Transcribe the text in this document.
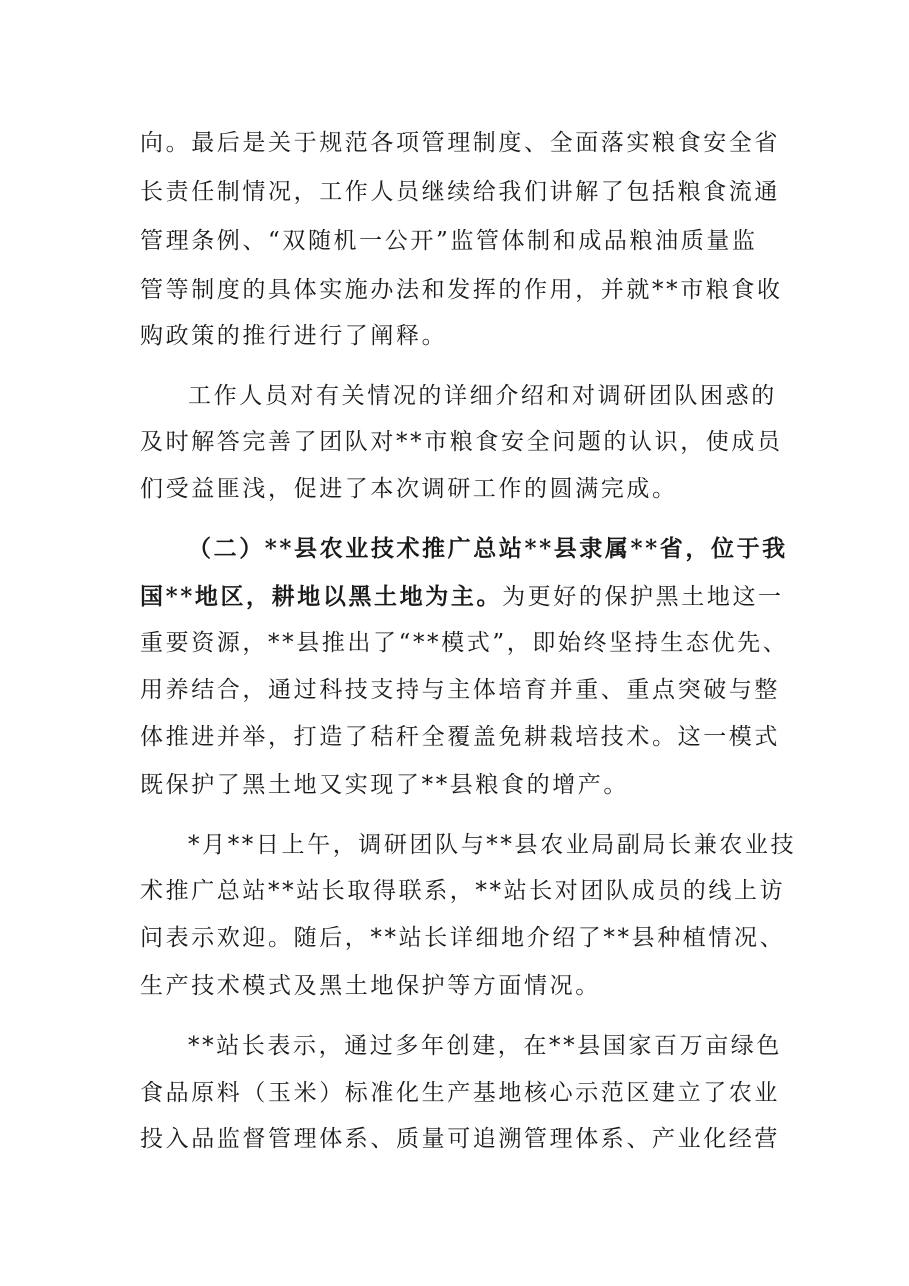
向。最后是关于规范各项管理制度、全面落实粮食安全省
长责任制情况，工作人员继续给我们讲解了包括粮食流通
管理条例、“双随机一公开”监管体制和成品粮油质量监
管等制度的具体实施办法和发挥的作用，并就**市粮食收
购政策的推行进行了阐释。
工作人员对有关情况的详细介绍和对调研团队困惑的
及时解答完善了团队对**市粮食安全问题的认识，使成员
们受益匪浅，促进了本次调研工作的圆满完成。
（二）**县农业技术推广总站**县隶属**省，位于我
国**地区，耕地以黑土地为主。为更好的保护黑土地这一
重要资源，**县推出了“**模式”，即始终坚持生态优先、
用养结合，通过科技支持与主体培育并重、重点突破与整
体推进并举，打造了秸秆全覆盖免耕栽培技术。这一模式
既保护了黑土地又实现了**县粮食的增产。
*月**日上午，调研团队与**县农业局副局长兼农业技
术推广总站**站长取得联系，**站长对团队成员的线上访
问表示欢迎。随后，**站长详细地介绍了**县种植情况、
生产技术模式及黑土地保护等方面情况。
**站长表示，通过多年创建，在**县国家百万亩绿色
食品原料（玉米）标准化生产基地核心示范区建立了农业
投入品监督管理体系、质量可追溯管理体系、产业化经营
